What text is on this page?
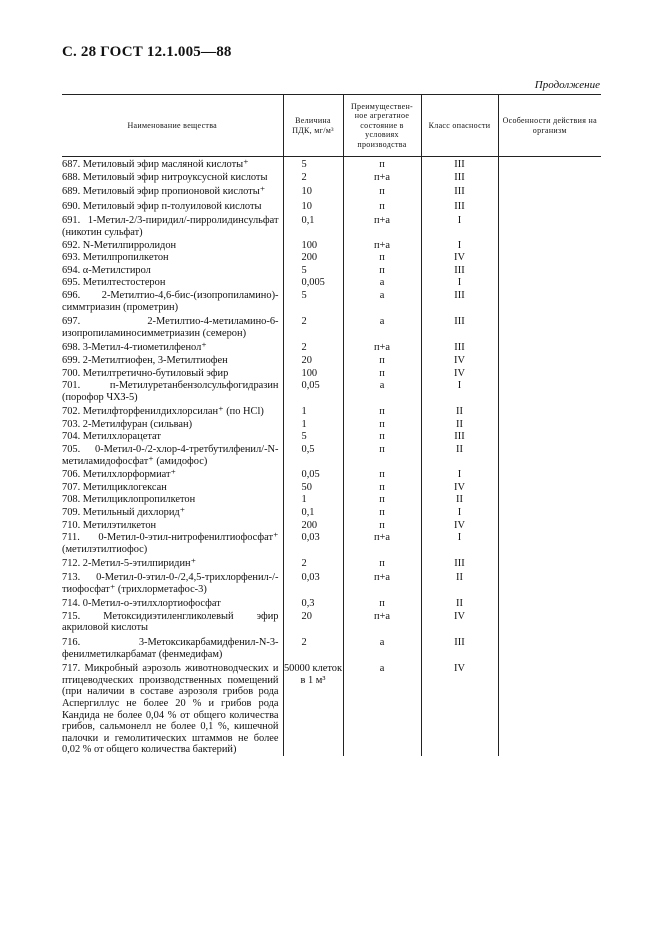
С. 28 ГОСТ 12.1.005—88
Продолжение
Наименование вещества	Величина ПДК, мг/м³	Преимуществен-ное агрегатное состояние в условиях производства	Класс опасности	Особенности действия на организм
687. Метиловый эфир масляной кислоты⁺	5	п	III	
688. Метиловый эфир нитроуксусной кислоты	2	п+а	III	
689. Метиловый эфир пропионовой кислоты⁺	10	п	III	
690. Метиловый эфир п-толуиловой кислоты	10	п	III	
691. 1-Метил-2/3-пиридил/-пирролидинсульфат (никотин сульфат)	0,1	п+а	I	
692. N-Метилпирролидон	100	п+а	I	
693. Метилпропилкетон	200	п	IV	
694. α-Метилстирол	5	п	III	
695. Метилтестостерон	0,005	а	I	
696. 2-Метилтио-4,6-бис-(изопропиламино)-симмтриазин (прометрин)	5	а	III	
697. 2-Метилтио-4-метиламино-6-изопропиламиносимметриазин (семерон)	2	а	III	
698. 3-Метил-4-тиометилфенол⁺	2	п+а	III	
699. 2-Метилтиофен, 3-Метилтиофен	20	п	IV	
700. Метилтретично-бутиловый эфир	100	п	IV	
701. п-Метилуретанбензолсульфогидразин (порофор ЧХЗ-5)	0,05	а	I	
702. Метилфторфенилдихлорсилан⁺ (по HCl)	1	п	II	
703. 2-Метилфуран (сильван)	1	п	II	
704. Метилхлорацетат	5	п	III	
705. 0-Метил-0-/2-хлор-4-третбутилфенил/-N-метиламидофосфат⁺ (амидофос)	0,5	п	II	
706. Метилхлорформиат⁺	0,05	п	I	
707. Метилциклогексан	50	п	IV	
708. Метилциклопропилкетон	1	п	II	
709. Метильный дихлорид⁺	0,1	п	I	
710. Метилэтилкетон	200	п	IV	
711. 0-Метил-0-этил-нитрофенилтиофосфат⁺ (метилэтилтиофос)	0,03	п+а	I	
712. 2-Метил-5-этилпиридин⁺	2	п	III	
713. 0-Метил-0-этил-0-/2,4,5-трихлорфенил-/-тиофосфат⁺ (трихлорметафос-3)	0,03	п+а	II	
714. 0-Метил-о-этилхлортиофосфат	0,3	п	II	
715. Метоксидиэтиленгликолевый эфир акриловой кислоты	20	п+а	IV	
716. 3-Метоксикарбамидфенил-N-3-фенилметилкарбамат (фенмедифам)	2	а	III	
717. Микробный аэрозоль животноводческих и птицеводческих производственных помещений (при наличии в составе аэрозоля грибов рода Аспергиллус не более 20 % и грибов рода Кандида не более 0,04 % от общего количества грибов, сальмонелл не более 0,1 %, кишечной палочки и гемолитических штаммов не более 0,02 % от общего количества бактерий)	50000 клеток в 1 м³	а	IV	
